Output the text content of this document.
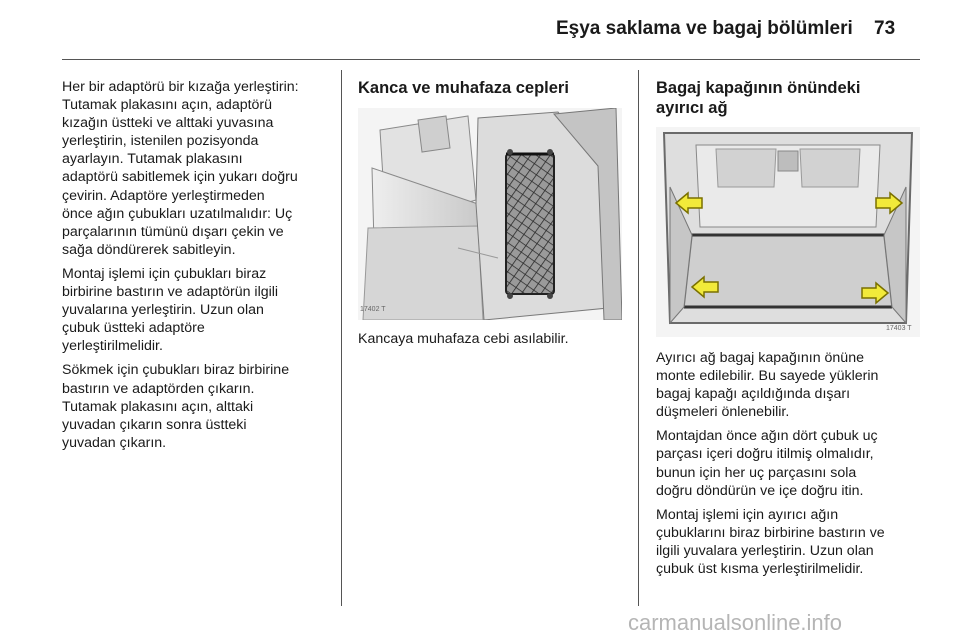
Eşya saklama ve bagaj bölümleri 73

Her bir adaptörü bir kızağa yerleştirin:
Tutamak plakasını açın, adaptörü
kızağın üstteki ve alttaki yuvasına
yerleştirin, istenilen pozisyonda
ayarlayın. Tutamak plakasını
adaptörü sabitlemek için yukarı doğru
çevirin. Adaptöre yerleştirmeden
önce ağın çubukları uzatılmalıdır: Uç
parçalarının tümünü dışarı çekin ve
sağa döndürerek sabitleyin.

Montaj işlemi için çubukları biraz
birbirine bastırın ve adaptörün ilgili
yuvalarına yerleştirin. Uzun olan
çubuk üstteki adaptöre
yerleştirilmelidir.

Sökmek için çubukları biraz birbirine
bastırın ve adaptörden çıkarın.
Tutamak plakasını açın, alttaki
yuvadan çıkarın sonra üstteki
yuvadan çıkarın.

Kanca ve muhafaza cepleri
17402 T
Kancaya muhafaza cebi asılabilir.
Bagaj kapağının önündeki
ayırıcı ağ
17403 T

Ayırıcı ağ bagaj kapağının önüne
monte edilebilir. Bu sayede yüklerin
bagaj kapağı açıldığında dışarı
düşmeleri önlenebilir.

Montajdan önce ağın dört çubuk uç
parçası içeri doğru itilmiş olmalıdır,
bunun için her uç parçasını sola
doğru döndürün ve içe doğru itin.

Montaj işlemi için ayırıcı ağın
çubuklarını biraz birbirine bastırın ve
ilgili yuvalara yerleştirin. Uzun olan
çubuk üst kısma yerleştirilmelidir.

carmanualsonline.info
